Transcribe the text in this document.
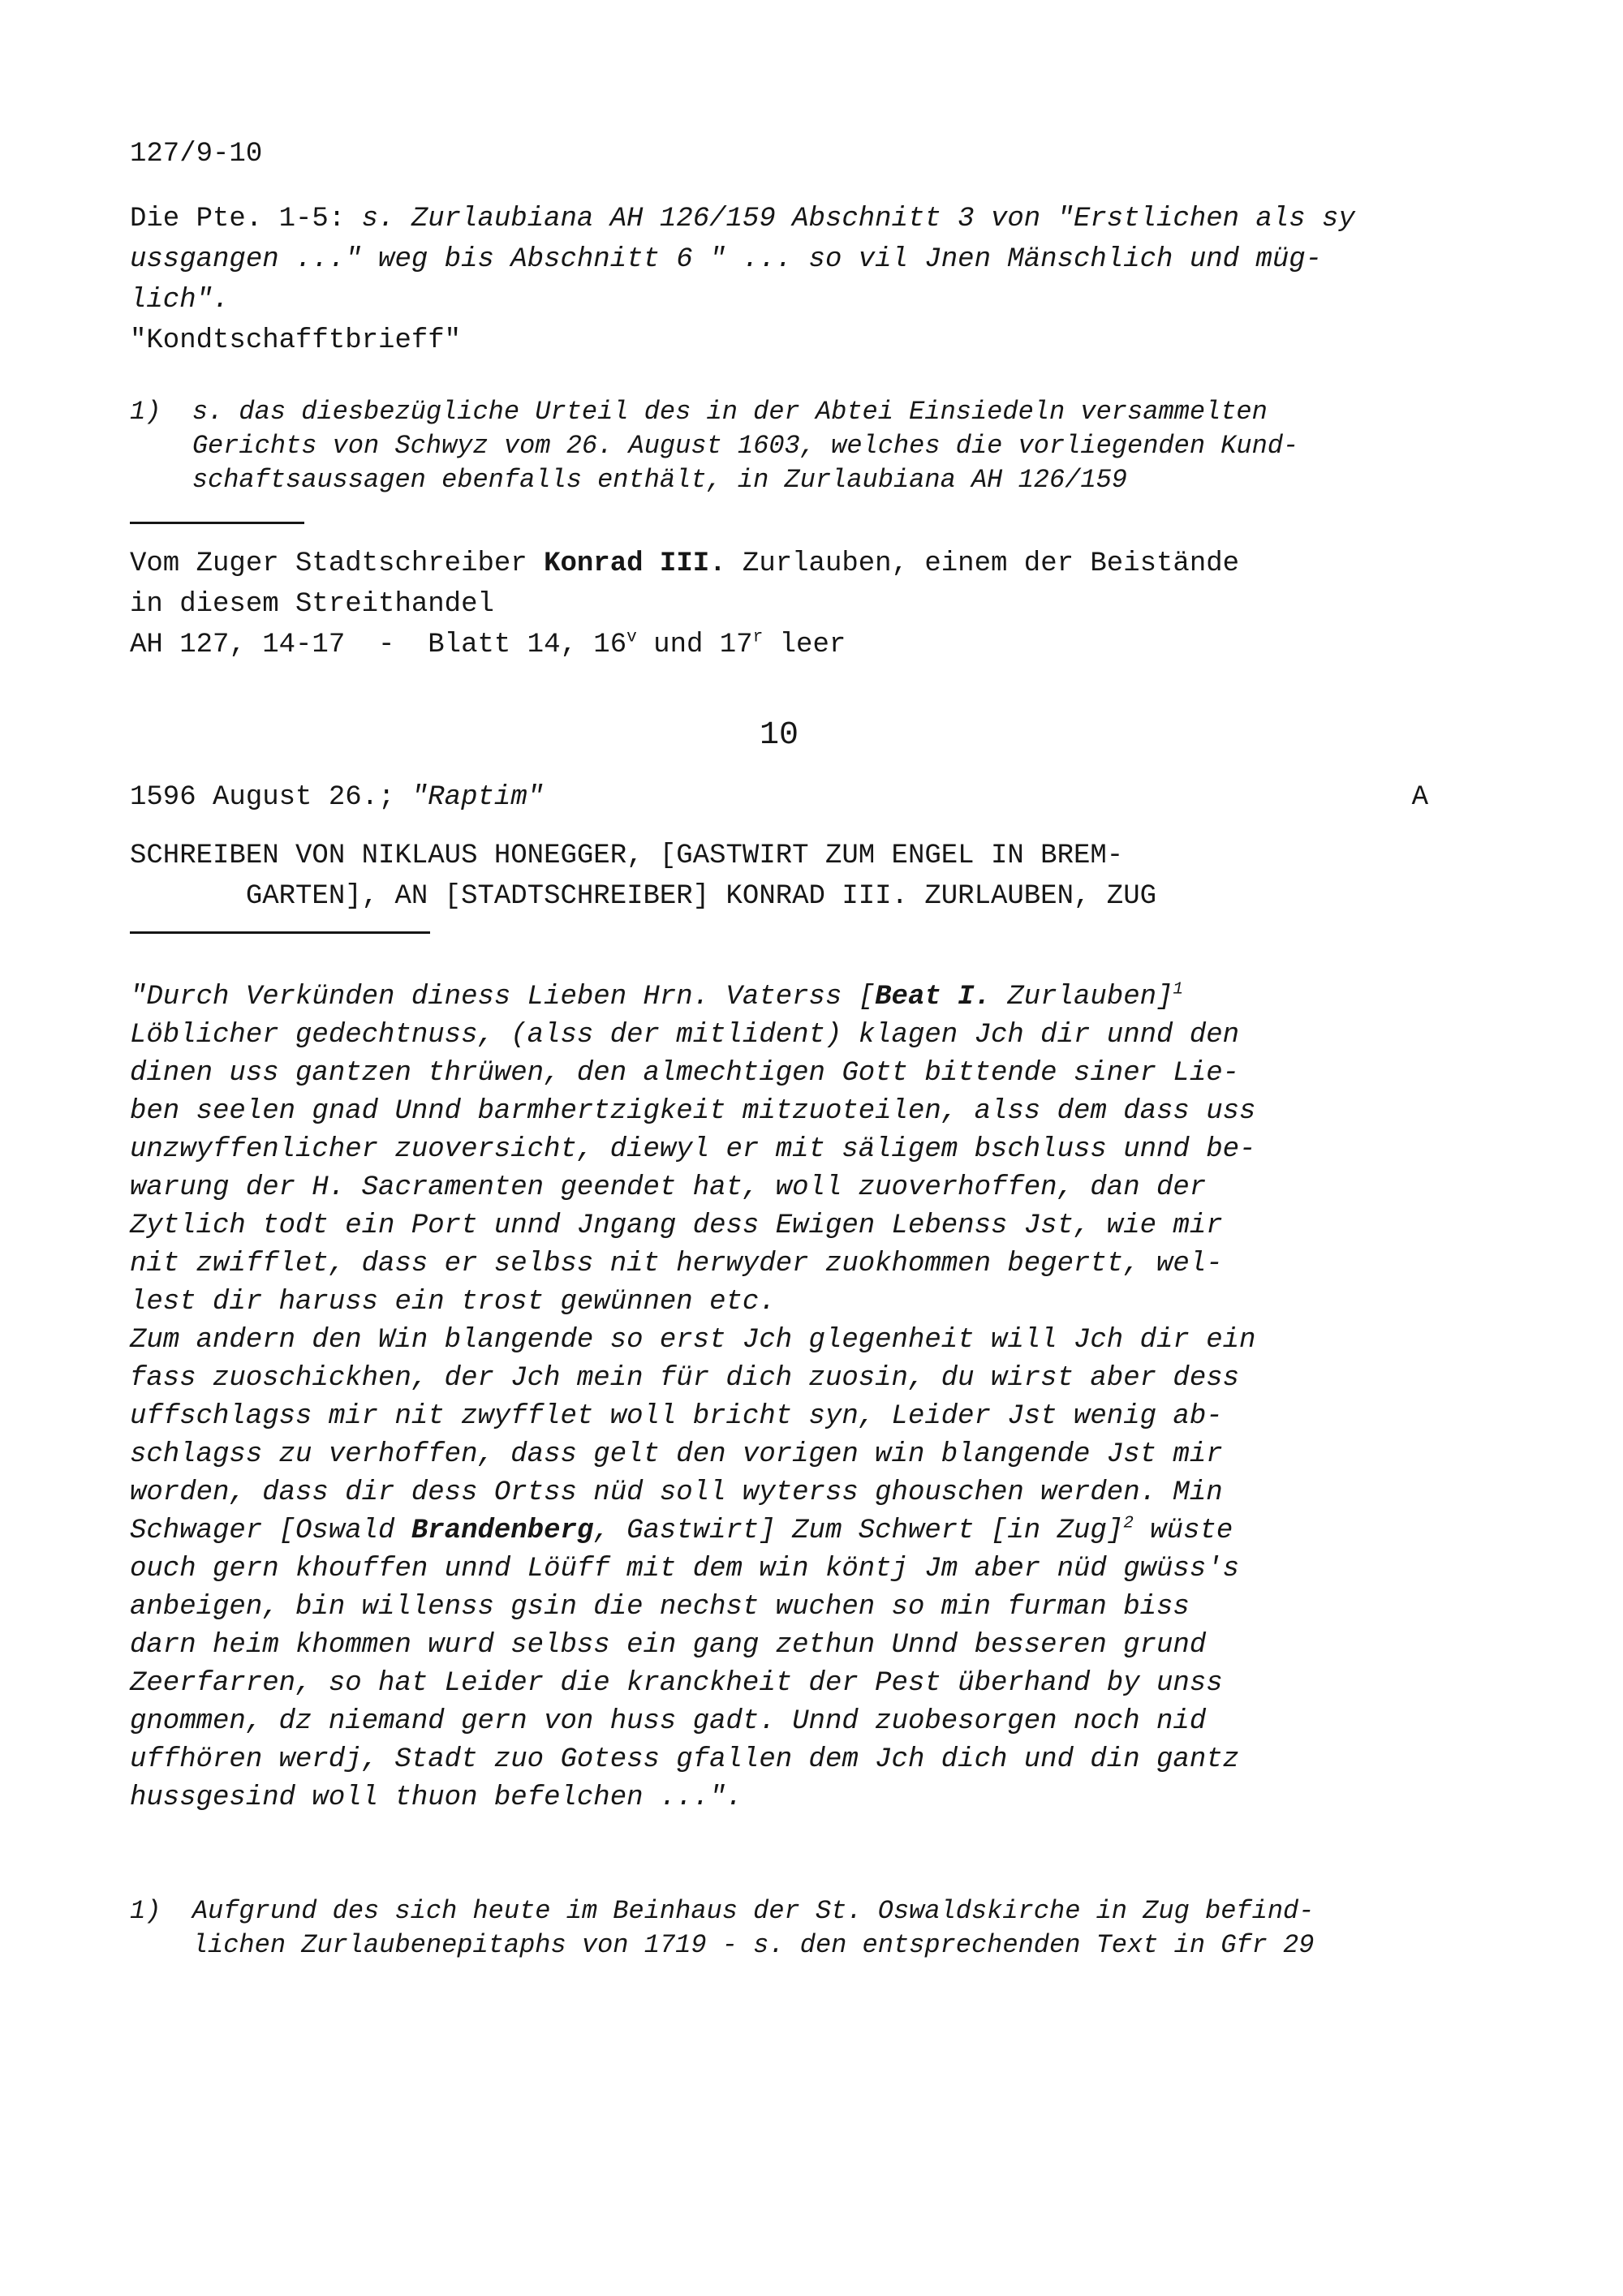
127/9-10
Die Pte. 1-5: s. Zurlaubiana AH 126/159 Abschnitt 3 von "Erstlichen als sy
ussgangen ..." weg bis Abschnitt 6 " ... so vil Jnen Mänschlich und müg-
lich".
"Kondtschafftbrieff"
1)  s. das diesbezügliche Urteil des in der Abtei Einsiedeln versammelten
Gerichts von Schwyz vom 26. August 1603, welches die vorliegenden Kund-
schaftsaussagen ebenfalls enthält, in Zurlaubiana AH 126/159
Vom Zuger Stadtschreiber Konrad III. Zurlauben, einem der Beistände
in diesem Streithandel
AH 127, 14-17  -  Blatt 14, 16$^v$ und 17$^r$ leer
10
1596 August 26.; "Raptim"	A
SCHREIBEN VON NIKLAUS HONEGGER, [GASTWIRT ZUM ENGEL IN BREM-
GARTEN], AN [STADTSCHREIBER] KONRAD III. ZURLAUBEN, ZUG
"Durch Verkünden diness Lieben Hrn. Vaterss [Beat I. Zurlauben]$^1$
Löblicher gedechtnuss, (alss der mitlident) klagen Jch dir unnd den
dinen uss gantzen thrüwen, den almechtigen Gott bittende siner Lie-
ben seelen gnad Unnd barmhertzigkeit mitzuoteilen, alss dem dass uss
unzwyffenlicher zuoversicht, diewyl er mit säligem bschluss unnd be-
warung der H. Sacramenten geendet hat, woll zuoverhoffen, dan der
Zytlich todt ein Port unnd Jngang dess Ewigen Lebenss Jst, wie mir
nit zwifflet, dass er selbss nit herwyder zuokhommen begertt, wel-
lest dir haruss ein trost gewünnen etc.
Zum andern den Win blangende so erst Jch glegenheit will Jch dir ein
fass zuoschickhen, der Jch mein für dich zuosin, du wirst aber dess
uffschlagss mir nit zwyfflet woll bricht syn, Leider Jst wenig ab-
schlagss zu verhoffen, dass gelt den vorigen win blangende Jst mir
worden, dass dir dess Ortss nüd soll wyterss ghouschen werden. Min
Schwager [Oswald Brandenberg, Gastwirt] Zum Schwert [in Zug]$^2$ wüste
ouch gern khouffen unnd Löüff mit dem win köntj Jm aber nüd gwüss's
anbeigen, bin willenss gsin die nechst wuchen so min furman biss
darn heim khommen wurd selbss ein gang zethun Unnd besseren grund
Zeerfarren, so hat Leider die kranckheit der Pest überhand by unss
gnommen, dz niemand gern von huss gadt. Unnd zuobesorgen noch nid
uffhören werdj, Stadt zuo Gotess gfallen dem Jch dich und din gantz
hussgesind woll thuon befelchen ...".
1)  Aufgrund des sich heute im Beinhaus der St. Oswaldskirche in Zug befind-
lichen Zurlaubenepitaphs von 1719 - s. den entsprechenden Text in Gfr 29
